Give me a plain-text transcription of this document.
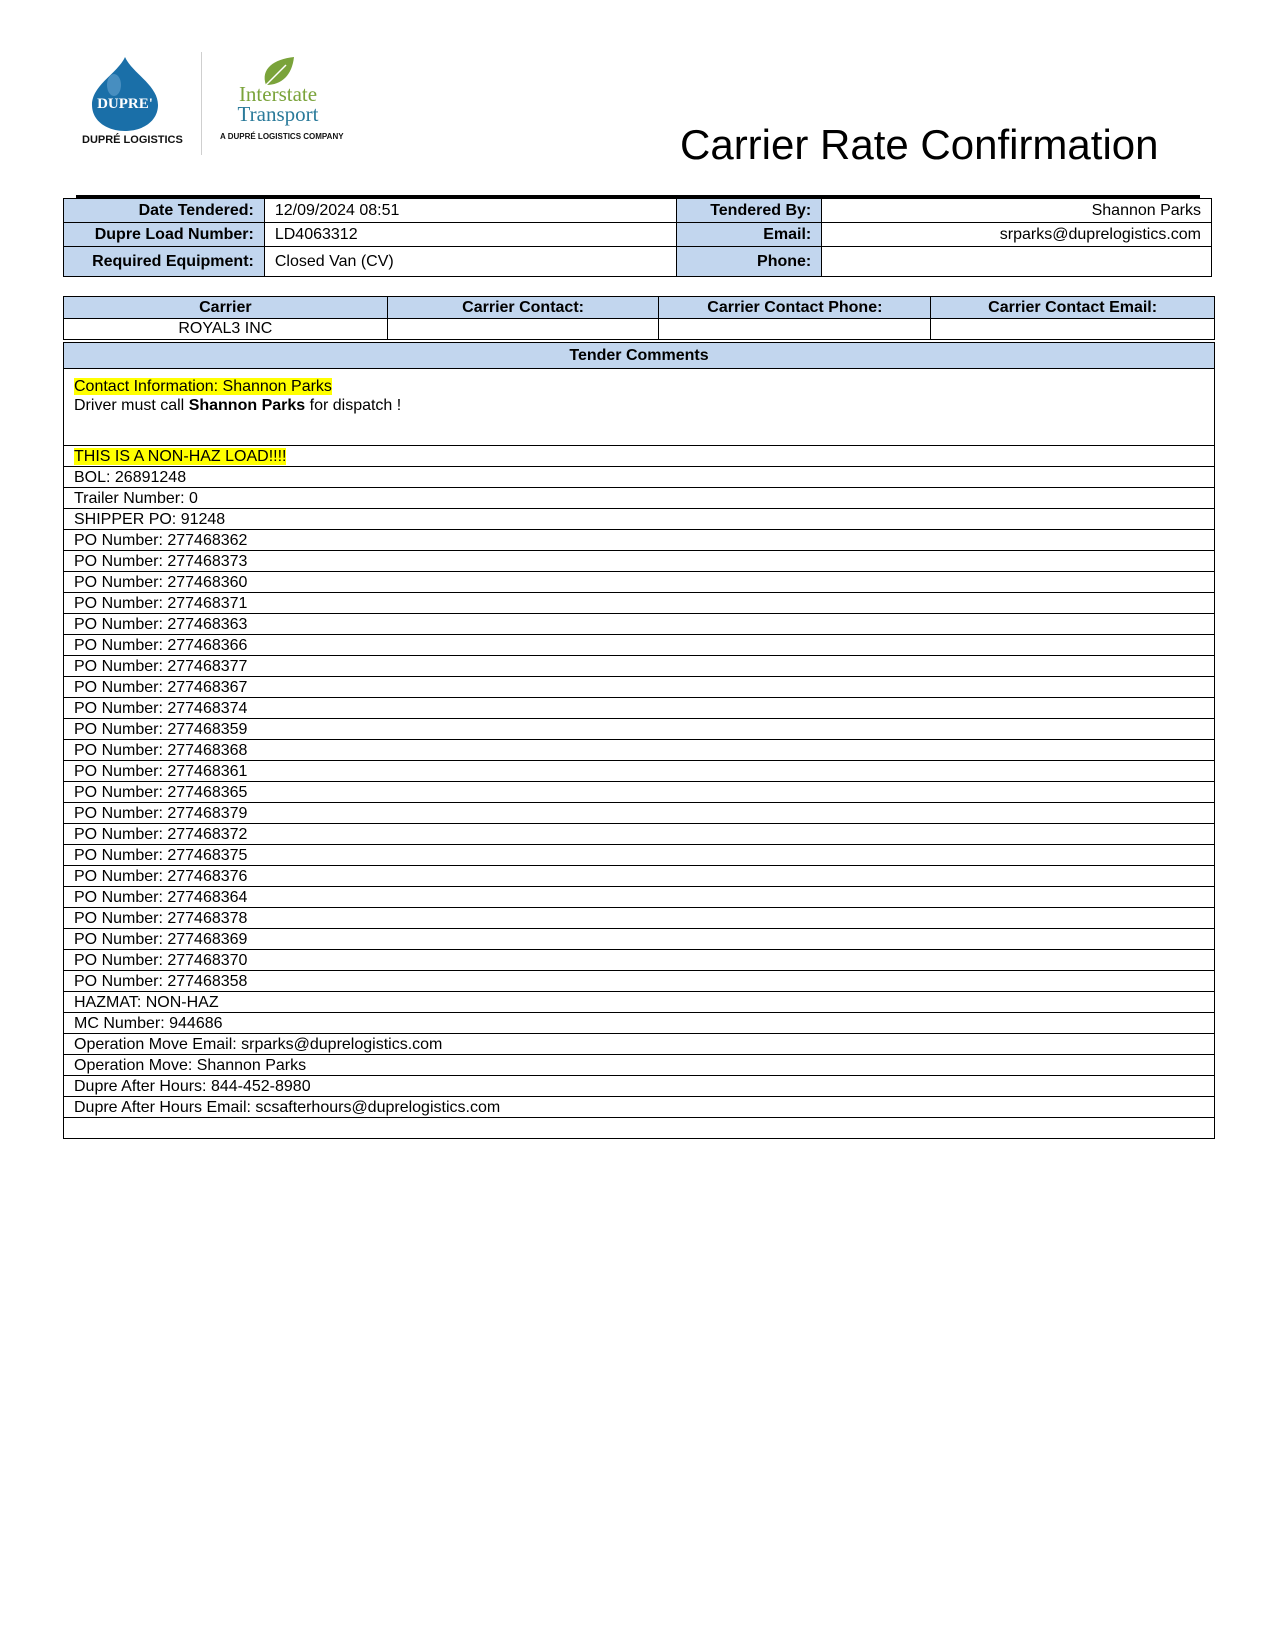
DUPRE'
DUPRÉ LOGISTICS
Interstate
Transport
A DUPRÉ LOGISTICS COMPANY	Carrier Rate Confirmation
Date Tendered:	12/09/2024 08:51	Tendered By:	Shannon Parks
Dupre Load Number:	LD4063312	Email:	srparks@duprelogistics.com
Required Equipment:	Closed Van (CV)	Phone:	
Carrier	Carrier Contact:	Carrier Contact Phone:	Carrier Contact Email:
ROYAL3 INC			
Tender Comments
Contact Information: Shannon Parks
Driver must call Shannon Parks for dispatch !
THIS IS A NON-HAZ LOAD!!!!
BOL: 26891248
Trailer Number: 0
SHIPPER PO: 91248
PO Number: 277468362
PO Number: 277468373
PO Number: 277468360
PO Number: 277468371
PO Number: 277468363
PO Number: 277468366
PO Number: 277468377
PO Number: 277468367
PO Number: 277468374
PO Number: 277468359
PO Number: 277468368
PO Number: 277468361
PO Number: 277468365
PO Number: 277468379
PO Number: 277468372
PO Number: 277468375
PO Number: 277468376
PO Number: 277468364
PO Number: 277468378
PO Number: 277468369
PO Number: 277468370
PO Number: 277468358
HAZMAT: NON-HAZ
MC Number: 944686
Operation Move Email: srparks@duprelogistics.com
Operation Move: Shannon Parks
Dupre After Hours: 844-452-8980
Dupre After Hours Email: scsafterhours@duprelogistics.com
